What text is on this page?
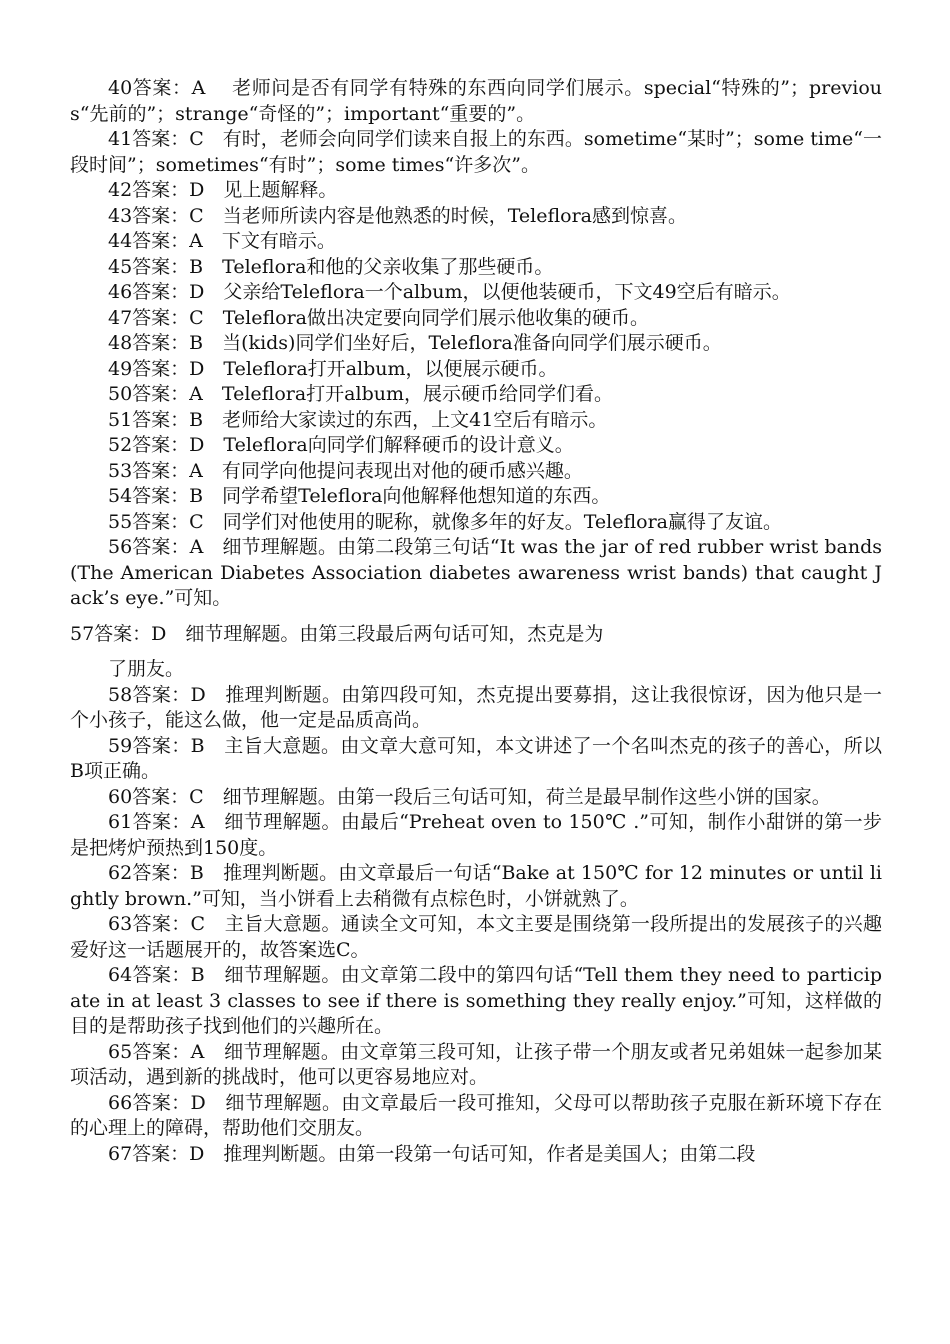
40答案：A　 老师问是否有同学有特殊的东西向同学们展示。special“特殊的”；previous“先前的”；strange“奇怪的”；important“重要的”。

41答案：C　有时，老师会向同学们读来自报上的东西。sometime“某时”；some time“一段时间”；sometimes“有时”；some times“许多次”。

42答案：D　见上题解释。

43答案：C　当老师所读内容是他熟悉的时候，Teleflora感到惊喜。

44答案：A　下文有暗示。

45答案：B　Teleflora和他的父亲收集了那些硬币。

46答案：D　父亲给Teleflora一个album，以便他装硬币，下文49空后有暗示。

47答案：C　Teleflora做出决定要向同学们展示他收集的硬币。

48答案：B　当(kids)同学们坐好后，Teleflora准备向同学们展示硬币。

49答案：D　Teleflora打开album，以便展示硬币。

50答案：A　Teleflora打开album，展示硬币给同学们看。

51答案：B　老师给大家读过的东西，上文41空后有暗示。

52答案：D　Teleflora向同学们解释硬币的设计意义。

53答案：A　有同学向他提问表现出对他的硬币感兴趣。

54答案：B　同学希望Teleflora向他解释他想知道的东西。

55答案：C　同学们对他使用的昵称，就像多年的好友。Teleflora赢得了友谊。

56答案：A　细节理解题。由第二段第三句话“It was the jar of red rubber wrist bands (The American Diabetes Association diabetes awareness wrist bands) that caught Jack’s eye.”可知。

57答案：D　细节理解题。由第三段最后两句话可知，杰克是为

了朋友。

58答案：D　推理判断题。由第四段可知，杰克提出要募捐，这让我很惊讶，因为他只是一个小孩子，能这么做，他一定是品质高尚。

59答案：B　主旨大意题。由文章大意可知，本文讲述了一个名叫杰克的孩子的善心，所以B项正确。

60答案：C　细节理解题。由第一段后三句话可知，荷兰是最早制作这些小饼的国家。

61答案：A　细节理解题。由最后“Preheat oven to 150℃ .”可知，制作小甜饼的第一步是把烤炉预热到150度。

62答案：B　推理判断题。由文章最后一句话“Bake at 150℃ for 12 minutes or until lightly brown.”可知，当小饼看上去稍微有点棕色时，小饼就熟了。

63答案：C　主旨大意题。通读全文可知，本文主要是围绕第一段所提出的发展孩子的兴趣爱好这一话题展开的，故答案选C。

64答案：B　细节理解题。由文章第二段中的第四句话“Tell them they need to participate in at least 3 classes to see if there is something they really enjoy.”可知，这样做的目的是帮助孩子找到他们的兴趣所在。

65答案：A　细节理解题。由文章第三段可知，让孩子带一个朋友或者兄弟姐妹一起参加某项活动，遇到新的挑战时，他可以更容易地应对。

66答案：D　细节理解题。由文章最后一段可推知，父母可以帮助孩子克服在新环境下存在的心理上的障碍，帮助他们交朋友。

67答案：D　推理判断题。由第一段第一句话可知，作者是美国人；由第二段
